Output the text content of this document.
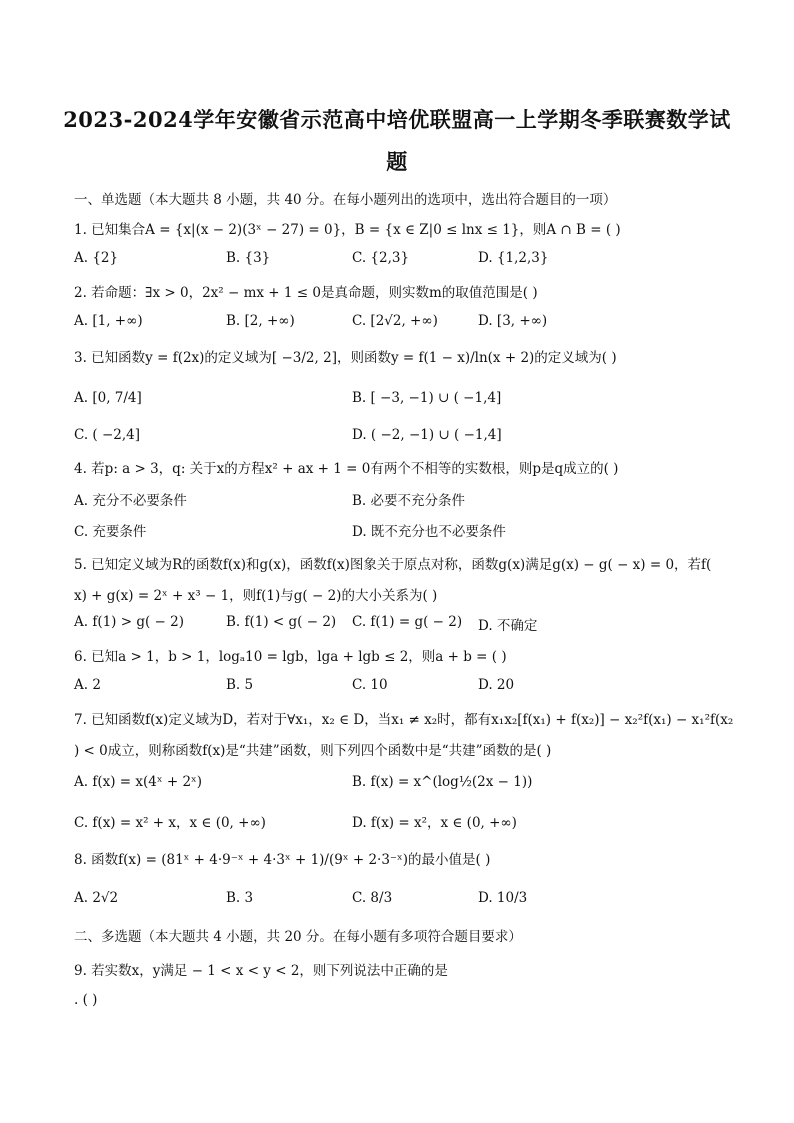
2023-2024学年安徽省示范高中培优联盟高一上学期冬季联赛数学试
题
一、单选题（本大题共 8 小题，共 40 分。在每小题列出的选项中，选出符合题目的一项）
1. 已知集合A = {x|(x − 2)(3ˣ − 27) = 0}，B = {x ∈ Z|0 ≤ lnx ≤ 1}，则A ∩ B = ( )
A. {2}	B. {3}	C. {2,3}	D. {1,2,3}
2. 若命题：∃x > 0，2x² − mx + 1 ≤ 0是真命题，则实数m的取值范围是( )
A. [1, +∞)	B. [2, +∞)	C. [2√2, +∞)	D. [3, +∞)
3. 已知函数y = f(2x)的定义域为[ −3/2, 2]，则函数y = f(1 − x)/ln(x + 2)的定义域为( )
A. [0, 7/4]	B. [ −3, −1) ∪ ( −1,4]
C. ( −2,4]	D. ( −2, −1) ∪ ( −1,4]
4. 若p: a > 3，q: 关于x的方程x² + ax + 1 = 0有两个不相等的实数根，则p是q成立的( )
A. 充分不必要条件	B. 必要不充分条件
C. 充要条件	D. 既不充分也不必要条件
5. 已知定义域为R的函数f(x)和g(x)，函数f(x)图象关于原点对称，函数g(x)满足g(x) − g( − x) = 0，若f(
x) + g(x) = 2ˣ + x³ − 1，则f(1)与g( − 2)的大小关系为( )
A. f(1) > g( − 2)	B. f(1) < g( − 2) C. f(1) = g( − 2) D. 不确定
6. 已知a > 1，b > 1，logₐ10 = lgb，lga + lgb ≤ 2，则a + b = ( )
A. 2	B. 5	C. 10	D. 20
7. 已知函数f(x)定义域为D，若对于∀x₁，x₂ ∈ D，当x₁ ≠ x₂时，都有x₁x₂[f(x₁) + f(x₂)] − x₂²f(x₁) − x₁²f(x₂
) < 0成立，则称函数f(x)是“共建”函数，则下列四个函数中是“共建”函数的是( )
A. f(x) = x(4ˣ + 2ˣ)	B. f(x) = x^(log½(2x − 1))
C. f(x) = x² + x，x ∈ (0, +∞)	D. f(x) = x²，x ∈ (0, +∞)
8. 函数f(x) = (81ˣ + 4·9⁻ˣ + 4·3ˣ + 1)/(9ˣ + 2·3⁻ˣ)的最小值是( )
A. 2√2	B. 3	C. 8/3	D. 10/3
二、多选题（本大题共 4 小题，共 20 分。在每小题有多项符合题目要求）
9. 若实数x，y满足 − 1 < x < y < 2，则下列说法中正确的是
. ( )
